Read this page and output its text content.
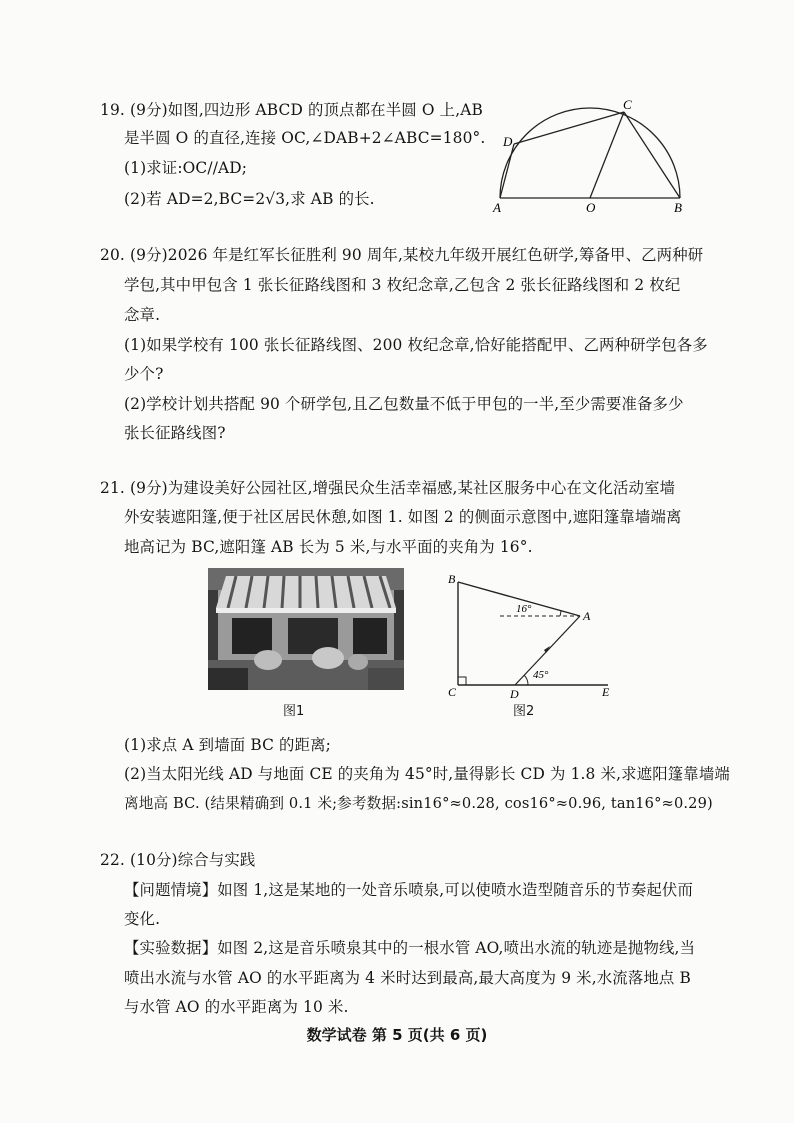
19. (9分)如图,四边形 ABCD 的顶点都在半圆 O 上,AB
是半圆 O 的直径,连接 OC,∠DAB+2∠ABC=180°.
(1)求证:OC//AD;
(2)若 AD=2,BC=2√3,求 AB 的长.	A	O	B
D
C
20. (9分)2026 年是红军长征胜利 90 周年,某校九年级开展红色研学,筹备甲、乙两种研
学包,其中甲包含 1 张长征路线图和 3 枚纪念章,乙包含 2 张长征路线图和 2 枚纪
念章.
(1)如果学校有 100 张长征路线图、200 枚纪念章,恰好能搭配甲、乙两种研学包各多
少个?
(2)学校计划共搭配 90 个研学包,且乙包数量不低于甲包的一半,至少需要准备多少
张长征路线图?
21. (9分)为建设美好公园社区,增强民众生活幸福感,某社区服务中心在文化活动室墙
外安装遮阳篷,便于社区居民休憩,如图 1. 如图 2 的侧面示意图中,遮阳篷靠墙端离
地高记为 BC,遮阳篷 AB 长为 5 米,与水平面的夹角为 16°.
图1
B
A
C	D	E
16°
45°
图2
(1)求点 A 到墙面 BC 的距离;
(2)当太阳光线 AD 与地面 CE 的夹角为 45°时,量得影长 CD 为 1.8 米,求遮阳篷靠墙端
离地高 BC. (结果精确到 0.1 米;参考数据:sin16°≈0.28, cos16°≈0.96, tan16°≈0.29)
22. (10分)综合与实践
【问题情境】如图 1,这是某地的一处音乐喷泉,可以使喷水造型随音乐的节奏起伏而
变化.
【实验数据】如图 2,这是音乐喷泉其中的一根水管 AO,喷出水流的轨迹是抛物线,当
喷出水流与水管 AO 的水平距离为 4 米时达到最高,最大高度为 9 米,水流落地点 B
与水管 AO 的水平距离为 10 米.
数学试卷 第 5 页(共 6 页)
